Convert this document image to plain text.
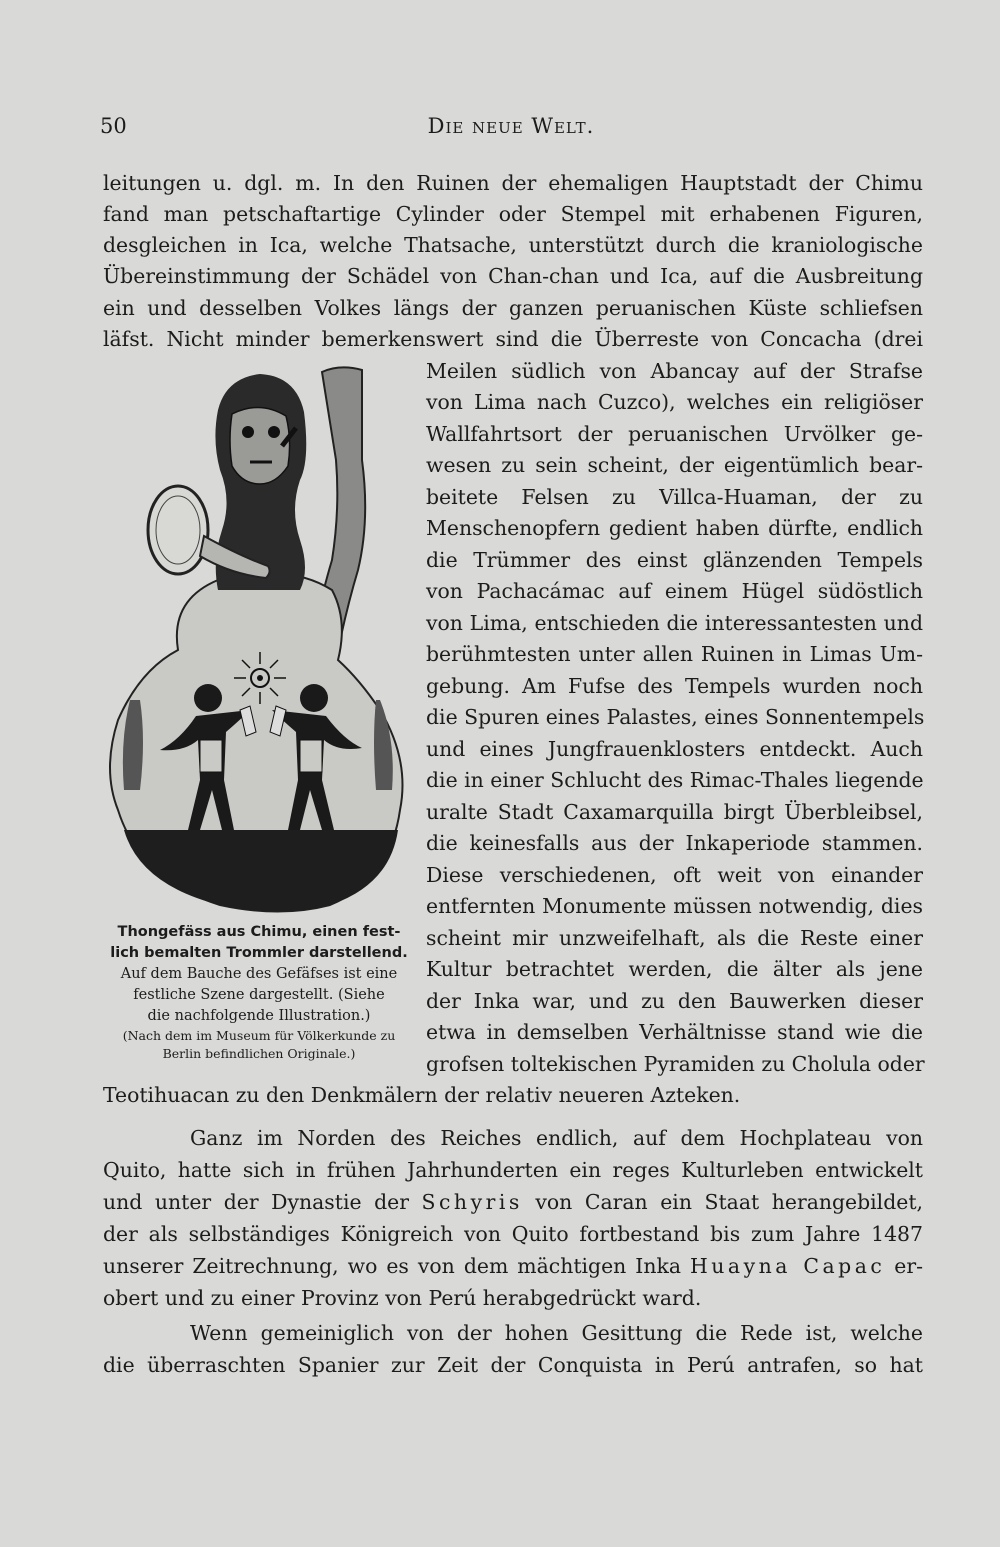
50	Die neue Welt.
leitungen u. dgl. m. In den Ruinen der ehemaligen Hauptstadt der Chimu
fand man petschaftartige Cylinder oder Stempel mit erhabenen Figuren,
desgleichen in Ica, welche Thatsache, unterstützt durch die kraniologische
Übereinstimmung der Schädel von Chan-chan und Ica, auf die Ausbreitung
ein und desselben Volkes längs der ganzen peruanischen Küste schliefsen
läfst. Nicht minder bemerkenswert sind die Überreste von Concacha (drei
Meilen südlich von Abancay auf der Strafse
von Lima nach Cuzco), welches ein religiöser
Wallfahrtsort der peruanischen Urvölker ge-
wesen zu sein scheint, der eigentümlich bear-
beitete Felsen zu Villca-Huaman, der zu
Menschenopfern gedient haben dürfte, endlich
die Trümmer des einst glänzenden Tempels
von Pachacámac auf einem Hügel südöstlich
von Lima, entschieden die interessantesten und
berühmtesten unter allen Ruinen in Limas Um-
gebung. Am Fufse des Tempels wurden noch
die Spuren eines Palastes, eines Sonnentempels
und eines Jungfrauenklosters entdeckt. Auch
die in einer Schlucht des Rimac-Thales liegende
uralte Stadt Caxamarquilla birgt Überbleibsel,
die keinesfalls aus der Inkaperiode stammen.
Diese verschiedenen, oft weit von einander
entfernten Monumente müssen notwendig, dies
scheint mir unzweifelhaft, als die Reste einer
Kultur betrachtet werden, die älter als jene
der Inka war, und zu den Bauwerken dieser
etwa in demselben Verhältnisse stand wie die
grofsen toltekischen Pyramiden zu Cholula oder
Thongefäss aus Chimu, einen fest-
lich bemalten Trommler darstellend.
Auf dem Bauche des Gefäfses ist eine
festliche Szene dargestellt. (Siehe
die nachfolgende Illustration.)
(Nach dem im Museum für Völkerkunde zu
Berlin befindlichen Originale.)
Teotihuacan zu den Denkmälern der relativ neueren Azteken.
Ganz im Norden des Reiches endlich, auf dem Hochplateau von
Quito, hatte sich in frühen Jahrhunderten ein reges Kulturleben entwickelt
und unter der Dynastie der Schyris von Caran ein Staat herangebildet,
der als selbständiges Königreich von Quito fortbestand bis zum Jahre 1487
unserer Zeitrechnung, wo es von dem mächtigen Inka Huayna Capac er-
obert und zu einer Provinz von Perú herabgedrückt ward.
Wenn gemeiniglich von der hohen Gesittung die Rede ist, welche
die überraschten Spanier zur Zeit der Conquista in Perú antrafen, so hat
